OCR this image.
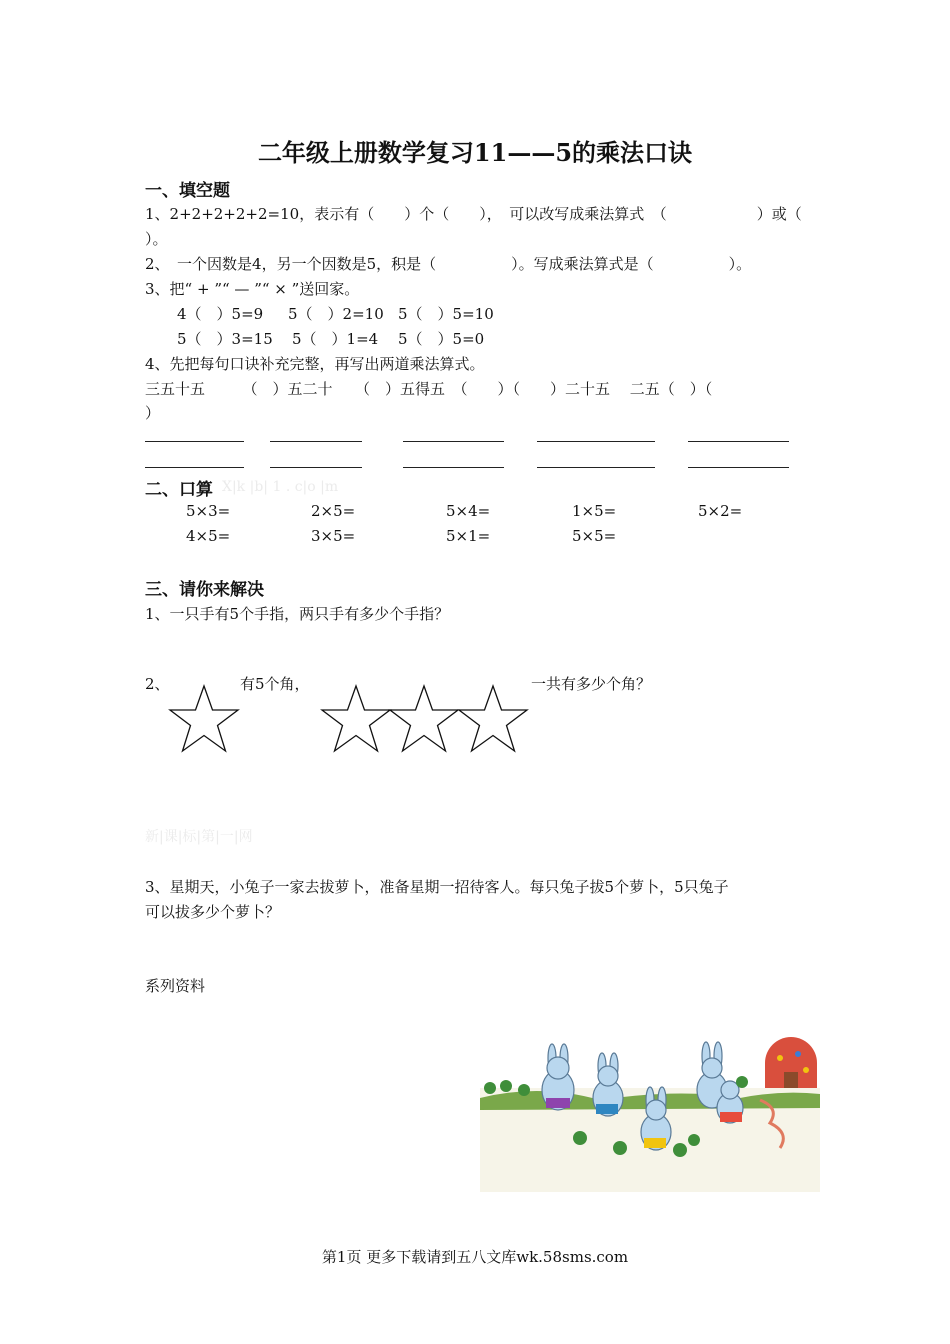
二年级上册数学复习11——5的乘法口诀
一、填空题
1、2+2+2+2+2=10，表示有（　　）个（　　），　可以改写成乘法算式　（　　　　　　）或（
）。
2、　一个因数是4，另一个因数是5，积是（　　　　　）。写成乘法算式是（　　　　　）。
3、把“ + ”“ — ”“ × ”送回家。
4（　）5=9 5（　）2=10 5（　）5=10
5（　）3=15 5（　）1=4 5（　）5=0
4、先把每句口诀补充完整，再写出两道乘法算式。
三五十五　　　（　）五二十　　（　）五得五　（　　）（　　）二十五　 二五（　）（
）
二、口算 X|k |b| 1 . c|o |m
5×3=	2×5=	5×4=	1×5=	5×2=
4×5=	3×5=	5×1=	5×5=
三、请你来解决
1、一只手有5个手指，两只手有多少个手指？
2、	有5个角，	一共有多少个角？
新|课|标|第|一|网
3、星期天，小兔子一家去拔萝卜，准备星期一招待客人。每只兔子拔5个萝卜，5只兔子
可以拔多少个萝卜？
系列资料
第1页 更多下载请到五八文库wk.58sms.com
